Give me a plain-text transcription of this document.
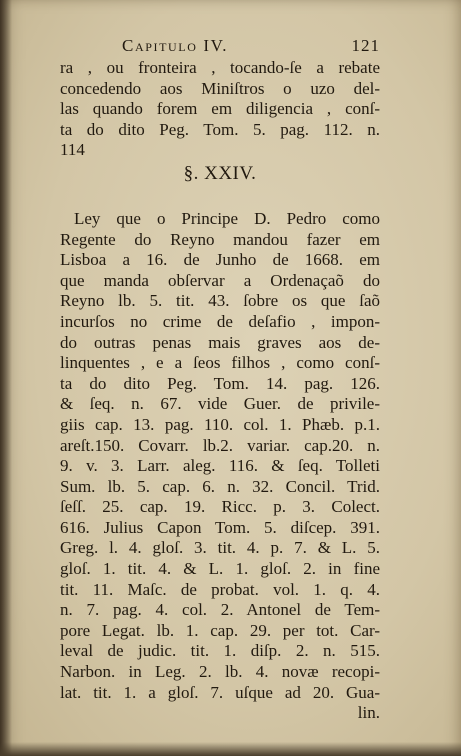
Capitulo IV.	121
ra , ou fronteira , tocando-ſe a rebate
concedendo aos Miniſtros o uzo del-
las quando forem em diligencia , conſ-
ta do dito Peg. Tom. 5. pag. 112. n.
114
§. XXIV.
Ley que o Principe D. Pedro como
Regente do Reyno mandou fazer em
Lisboa a 16. de Junho de 1668. em
que manda obſervar a Ordenaçaõ do
Reyno lb. 5. tit. 43. ſobre os que ſaõ
incurſos no crime de deſafio , impon-
do outras penas mais graves aos de-
linquentes , e a ſeos filhos , como conſ-
ta do dito Peg. Tom. 14. pag. 126.
& ſeq. n. 67. vide Guer. de privile-
giis cap. 13. pag. 110. col. 1. Phæb. p.1.
areſt.150. Covarr. lb.2. variar. cap.20. n.
9. v. 3. Larr. aleg. 116. & ſeq. Tolleti
Sum. lb. 5. cap. 6. n. 32. Concil. Trid.
ſeſſ. 25. cap. 19. Ricc. p. 3. Colect.
616. Julius Capon Tom. 5. diſcep. 391.
Greg. l. 4. gloſ. 3. tit. 4. p. 7. & L. 5.
gloſ. 1. tit. 4. & L. 1. gloſ. 2. in fine
tit. 11. Maſc. de probat. vol. 1. q. 4.
n. 7. pag. 4. col. 2. Antonel de Tem-
pore Legat. lb. 1. cap. 29. per tot. Car-
leval de judic. tit. 1. diſp. 2. n. 515.
Narbon. in Leg. 2. lb. 4. novæ recopi-
lat. tit. 1. a gloſ. 7. uſque ad 20. Gua-
lin.
